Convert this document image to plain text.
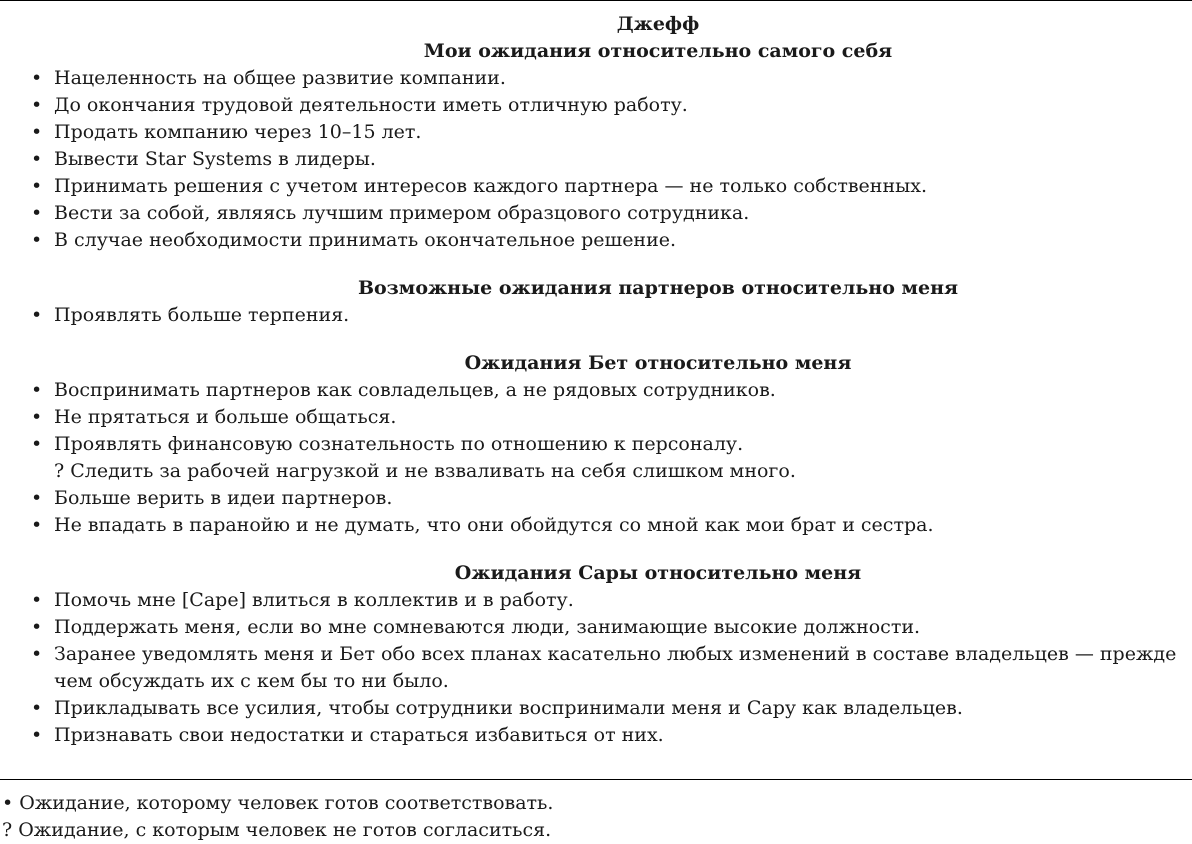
Джефф
Мои ожидания относительно самого себя
• Нацеленность на общее развитие компании.
• До окончания трудовой деятельности иметь отличную работу.
• Продать компанию через 10–15 лет.
• Вывести Star Systems в лидеры.
• Принимать решения с учетом интересов каждого партнера — не только собственных.
• Вести за собой, являясь лучшим примером образцового сотрудника.
• В случае необходимости принимать окончательное решение.
Возможные ожидания партнеров относительно меня
• Проявлять больше терпения.
Ожидания Бет относительно меня
• Воспринимать партнеров как совладельцев, а не рядовых сотрудников.
• Не прятаться и больше общаться.
• Проявлять финансовую сознательность по отношению к персоналу.
? Следить за рабочей нагрузкой и не взваливать на себя слишком много.
• Больше верить в идеи партнеров.
• Не впадать в паранойю и не думать, что они обойдутся со мной как мои брат и сестра.
Ожидания Сары относительно меня
• Помочь мне [Саре] влиться в коллектив и в работу.
• Поддержать меня, если во мне сомневаются люди, занимающие высокие должности.
• Заранее уведомлять меня и Бет обо всех планах касательно любых изменений в составе владельцев — прежде чем обсуждать их с кем бы то ни было.
• Прикладывать все усилия, чтобы сотрудники воспринимали меня и Сару как владельцев.
• Признавать свои недостатки и стараться избавиться от них.

• Ожидание, которому человек готов соответствовать.

? Ожидание, с которым человек не готов согласиться.
